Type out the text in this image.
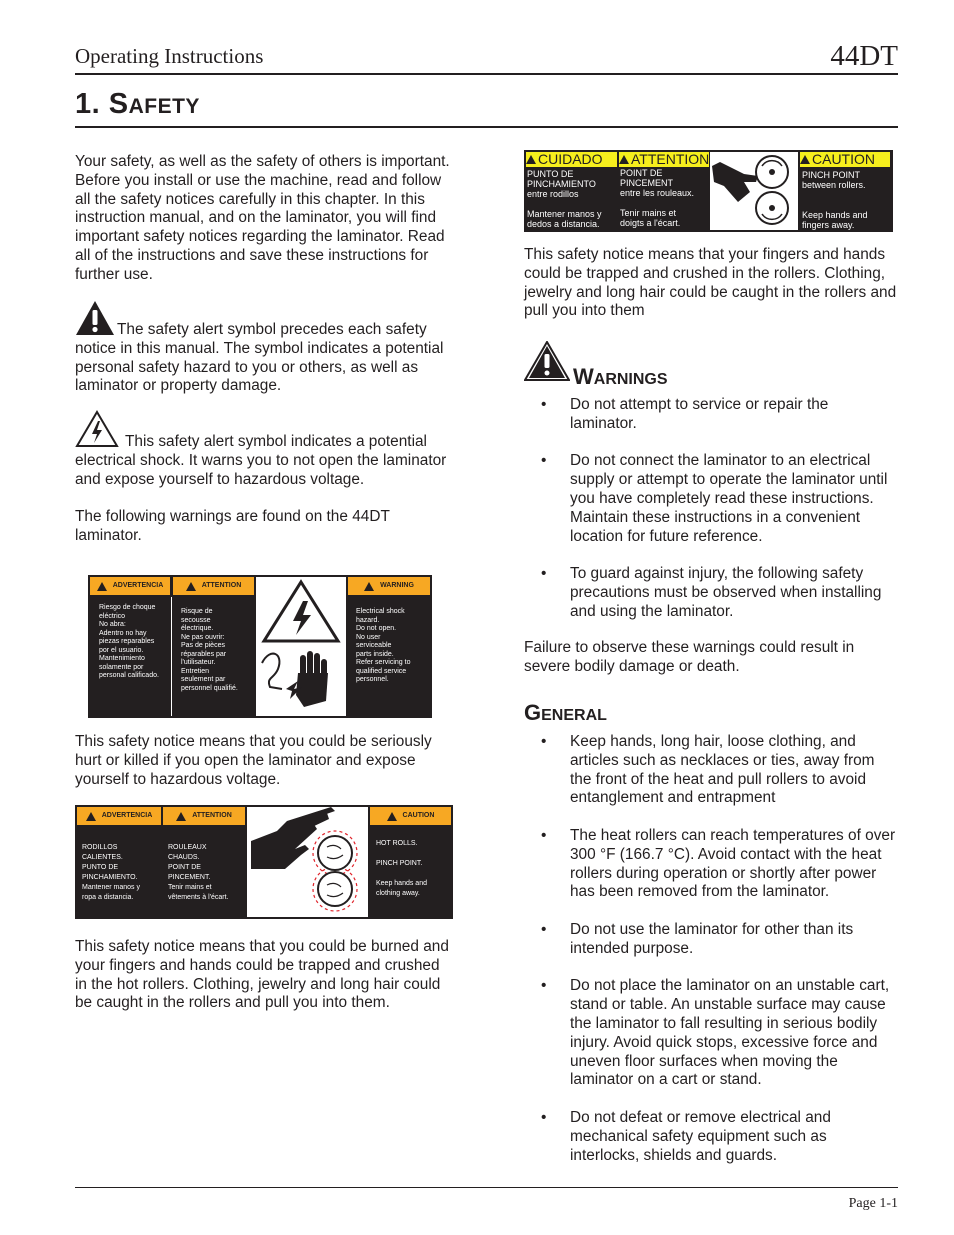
Operating Instructions	44DT
1. SAFETY

Your safety, as well as the safety of others is important. Before you install or use the machine, read and follow all the safety notices carefully in this chapter. In this instruction manual, and on the laminator, you will find important safety notices regarding the laminator. Read all of the instructions and save these instructions for further use.

The safety alert symbol precedes each safety notice in this manual. The symbol indicates a potential personal safety hazard to you or others, as well as laminator or property damage.

This safety alert symbol indicates a potential electrical shock. It warns you to not open the laminator and expose yourself to hazardous voltage.

The following warnings are found on the 44DT laminator.

ADVERTENCIA	ATTENTION	WARNING
Riesgo de choque
eléctrico
No abra:
Adentro no hay
piezas reparables
por el usuario.
Mantenimiento
solamente por
personal calificado.
Risque de
secousse
électrique.
Ne pas ouvrir:
Pas de pièces
réparables par
l'utilisateur.
Entretien
seulement par
personnel qualifié.
Electrical shock
hazard.
Do not open.
No user
serviceable
parts inside.
Refer servicing to
qualified service
personnel.

This safety notice means that you could be seriously hurt or killed if you open the laminator and expose yourself to hazardous voltage.

ADVERTENCIA	ATTENTION	CAUTION
RODILLOS
CALIENTES.
PUNTO DE
PINCHAMIENTO.
Mantener manos y
ropa a distancia.
ROULEAUX
CHAUDS.
POINT DE
PINCEMENT.
Tenir mains et
vêtements à l'écart.
HOT ROLLS.

PINCH POINT.

Keep hands and
clothing away.

This safety notice means that you could be burned and your fingers and hands could be trapped and crushed in the hot rollers. Clothing, jewelry and long hair could be caught in the rollers and pull you into them.

CUIDADO ATTENTION	CAUTION
PUNTO DE
PINCHAMIENTO
entre rodillos

Mantener manos y
dedos a distancia.
POINT DE
PINCEMENT
entre les rouleaux.

Tenir mains et
doigts a l'écart.
PINCH POINT
between rollers.

Keep hands and
fingers away.

This safety notice means that your fingers and hands could be trapped and crushed in the rollers. Clothing, jewelry and long hair could be caught in the rollers and pull you into them

WARNINGS
• Do not attempt to service or repair the laminator.
• Do not connect the laminator to an electrical supply or attempt to operate the laminator until you have completely read these instructions. Maintain these instructions in a convenient location for future reference.
• To guard against injury, the following safety precautions must be observed when installing and using the laminator.

Failure to observe these warnings could result in severe bodily damage or death.

GENERAL
• Keep hands, long hair, loose clothing, and articles such as necklaces or ties, away from the front of the heat and pull rollers to avoid entanglement and entrapment
• The heat rollers can reach temperatures of over 300 °F (166.7 °C). Avoid contact with the heat rollers during operation or shortly after power has been removed from the laminator.
• Do not use the laminator for other than its intended purpose.
• Do not place the laminator on an unstable cart, stand or table. An unstable surface may cause the laminator to fall resulting in serious bodily injury. Avoid quick stops, excessive force and uneven floor surfaces when moving the laminator on a cart or stand.
• Do not defeat or remove electrical and mechanical safety equipment such as interlocks, shields and guards.
Page 1-1
